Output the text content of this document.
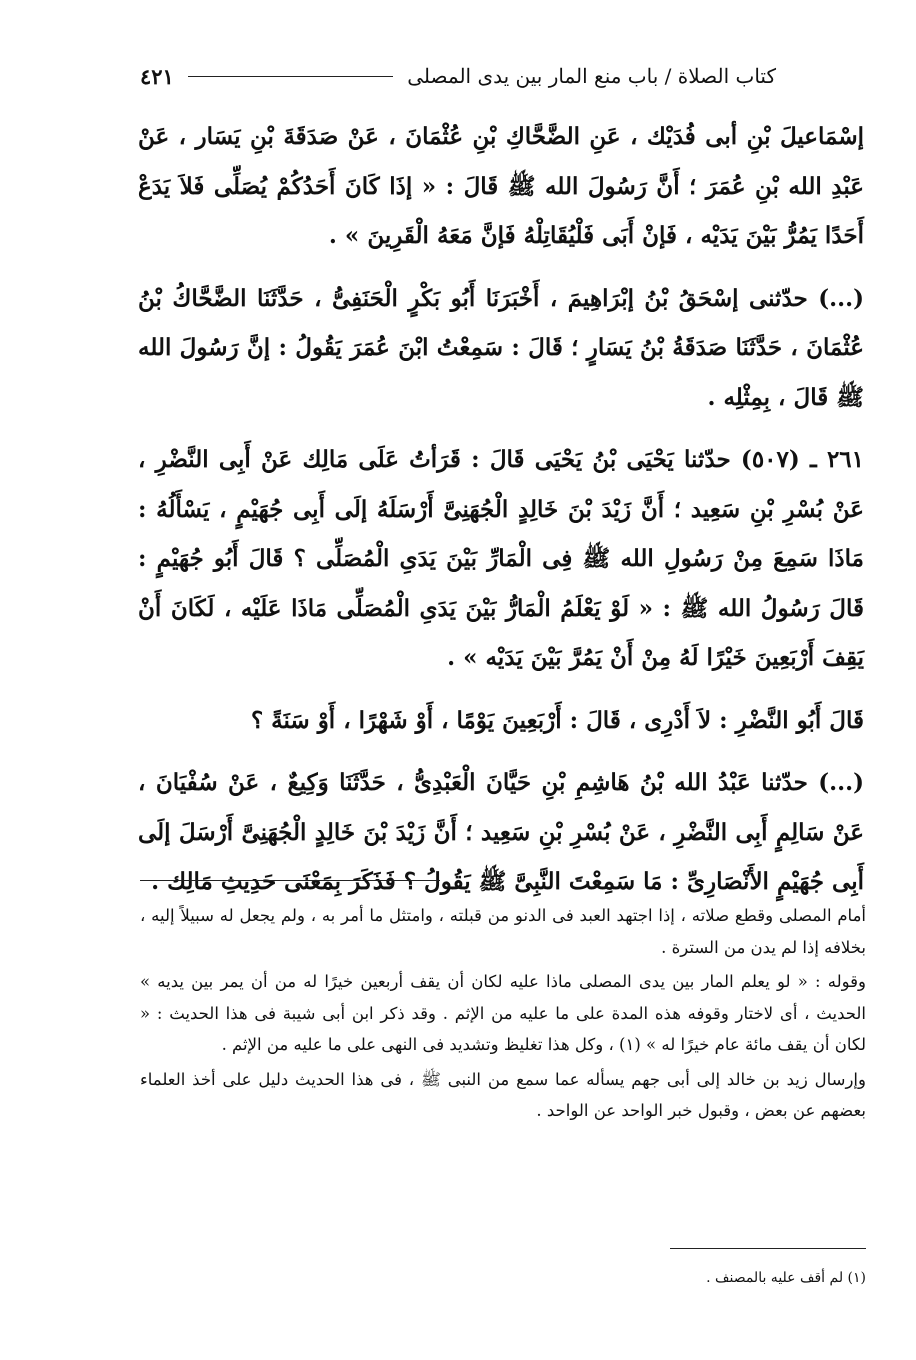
كتاب الصلاة / باب منع المار بين يدى المصلى
٤٢١

إسْمَاعيلَ بْنِ أبى فُدَيْك ، عَنِ الضَّحَّاكِ بْنِ عُثْمَانَ ، عَنْ صَدَقَةَ بْنِ يَسَار ، عَنْ عَبْدِ الله بْنِ عُمَرَ ؛ أَنَّ رَسُولَ الله ﷺ قَالَ : « إذَا كَانَ أَحَدُكُمْ يُصَلِّى فَلاَ يَدَعْ أَحَدًا يَمُرُّ بَيْنَ يَدَيْه ، فَإنْ أَبَى فَلْيُقَاتِلْهُ فَإنَّ مَعَهُ الْقَرِينَ » .

(...) حدّثنى إسْحَقُ بْنُ إبْرَاهِيمَ ، أَخْبَرَنَا أَبُو بَكْرٍ الْحَنَفِىُّ ، حَدَّثَنَا الضَّحَّاكُ بْنُ عُثْمَانَ ، حَدَّثَنَا صَدَقَةُ بْنُ يَسَارٍ ؛ قَالَ : سَمِعْتُ ابْنَ عُمَرَ يَقُولُ : إنَّ رَسُولَ الله ﷺ قَالَ ، بِمِثْلِه .

٢٦١ ـ (٥٠٧) حدّثنا يَحْيَى بْنُ يَحْيَى قَالَ : قَرَأتُ عَلَى مَالِك عَنْ أَبِى النَّضْرِ ، عَنْ بُسْرِ بْنِ سَعِيد ؛ أَنَّ زَيْدَ بْنَ خَالِدٍ الْجُهَنِىَّ أَرْسَلَهُ إلَى أَبِى جُهَيْمٍ ، يَسْأَلُهُ : مَاذَا سَمِعَ مِنْ رَسُولِ الله ﷺ فِى الْمَارِّ بَيْنَ يَدَىِ الْمُصَلِّى ؟ قَالَ أَبُو جُهَيْمٍ : قَالَ رَسُولُ الله ﷺ : « لَوْ يَعْلَمُ الْمَارُّ بَيْنَ يَدَىِ الْمُصَلِّى مَاذَا عَلَيْه ، لَكَانَ أَنْ يَقِفَ أَرْبَعِينَ خَيْرًا لَهُ مِنْ أَنْ يَمُرَّ بَيْنَ يَدَيْه » .

قَالَ أَبُو النَّضْرِ : لاَ أَدْرِى ، قَالَ : أَرْبَعِينَ يَوْمًا ، أَوْ شَهْرًا ، أَوْ سَنَةً ؟

(...) حدّثنا عَبْدُ الله بْنُ هَاشِمِ بْنِ حَيَّانَ الْعَبْدِىُّ ، حَدَّثَنَا وَكِيعٌ ، عَنْ سُفْيَانَ ، عَنْ سَالِمٍ أَبِى النَّضْرِ ، عَنْ بُسْرِ بْنِ سَعِيد ؛ أَنَّ زَيْدَ بْنَ خَالِدٍ الْجُهَنِىَّ أَرْسَلَ إلَى أَبِى جُهَيْمٍ الأَنْصَارِىِّ : مَا سَمِعْتَ النَّبِىَّ ﷺ يَقُولُ ؟ فَذَكَرَ بِمَعْنَى حَدِيثِ مَالِك .

أمام المصلى وقطع صلاته ، إذا اجتهد العبد فى الدنو من قبلته ، وامتثل ما أمر به ، ولم يجعل له سبيلاً إليه ، بخلافه إذا لم يدن من السترة .

وقوله : « لو يعلم المار بين يدى المصلى ماذا عليه لكان أن يقف أربعين خيرًا له من أن يمر بين يديه » الحديث ، أى لاختار وقوفه هذه المدة على ما عليه من الإثم . وقد ذكر ابن أبى شيبة فى هذا الحديث : « لكان أن يقف مائة عام خيرًا له » (١) ، وكل هذا تغليظ وتشديد فى النهى على ما عليه من الإثم .

وإرسال زيد بن خالد إلى أبى جهم يسأله عما سمع من النبى ﷺ ، فى هذا الحديث دليل على أخذ العلماء بعضهم عن بعض ، وقبول خبر الواحد عن الواحد .

(١) لم أقف عليه بالمصنف .
